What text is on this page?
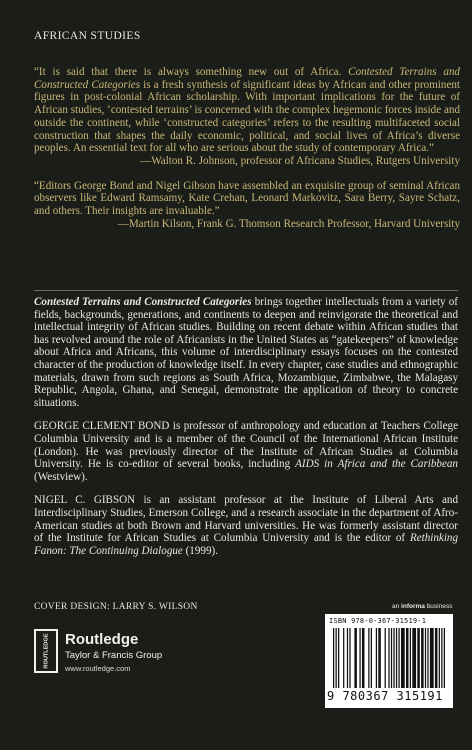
AFRICAN STUDIES

“It is said that there is always something new out of Africa. Contested Terrains and Constructed Categories is a fresh synthesis of significant ideas by African and other prominent figures in post-colonial African scholarship. With important implications for the future of African studies, ‘contested terrains’ is concerned with the complex hegemonic forces inside and outside the continent, while ‘constructed categories’ refers to the resulting multifaceted social construction that shapes the daily economic, political, and social lives of Africa’s diverse peoples. An essential text for all who are serious about the study of contemporary Africa.”

—Walton R. Johnson, professor of Africana Studies, Rutgers University

“Editors George Bond and Nigel Gibson have assembled an exquisite group of seminal African observers like Edward Ramsamy, Kate Crehan, Leonard Markovitz, Sara Berry, Sayre Schatz, and others. Their insights are invaluable.”

—Martin Kilson, Frank G. Thomson Research Professor, Harvard University

Contested Terrains and Constructed Categories brings together intellectuals from a variety of fields, backgrounds, generations, and continents to deepen and reinvigorate the theoretical and intellectual integrity of African studies. Building on recent debate within African studies that has revolved around the role of Africanists in the United States as “gatekeepers” of knowledge about Africa and Africans, this volume of interdisciplinary essays focuses on the contested character of the production of knowledge itself. In every chapter, case studies and ethnographic materials, drawn from such regions as South Africa, Mozambique, Zimbabwe, the Malagasy Republic, Angola, Ghana, and Senegal, demonstrate the application of theory to concrete situations.

GEORGE CLEMENT BOND is professor of anthropology and education at Teachers College Columbia University and is a member of the Council of the International African Institute (London). He was previously director of the Institute of African Studies at Columbia University. He is co-editor of several books, including AIDS in Africa and the Caribbean (Westview).

NIGEL C. GIBSON is an assistant professor at the Institute of Liberal Arts and Interdisciplinary Studies, Emerson College, and a research associate in the department of Afro-American studies at both Brown and Harvard universities. He was formerly assistant director of the Institute for African Studies at Columbia University and is the editor of Rethinking Fanon: The Continuing Dialogue (1999).

COVER DESIGN: LARRY S. WILSON	an informa business
ROUTLEDGE Routledge
Taylor & Francis Group
www.routledge.com
ISBN 978-0-367-31519-1
9 780367 315191
